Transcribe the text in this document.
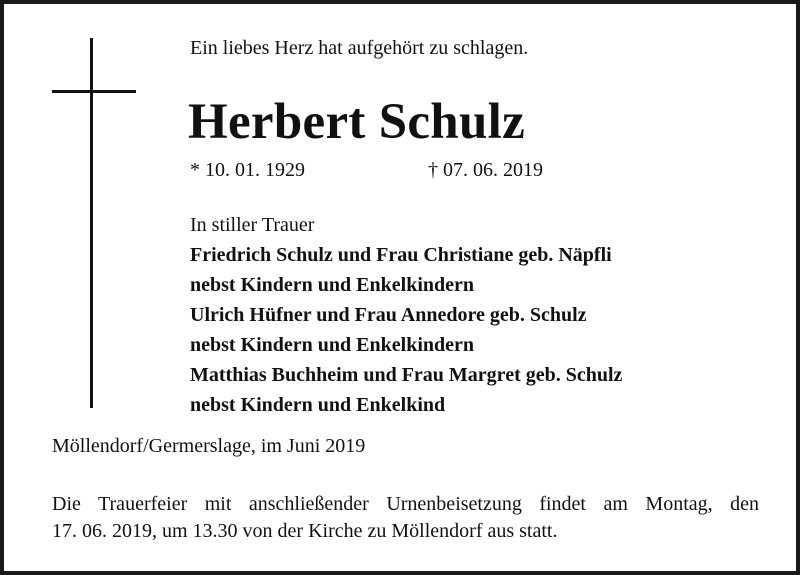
Ein liebes Herz hat aufgehört zu schlagen.
Herbert Schulz
* 10. 01. 1929	† 07. 06. 2019
In stiller Trauer
Friedrich Schulz und Frau Christiane geb. Näpfli
nebst Kindern und Enkelkindern
Ulrich Hüfner und Frau Annedore geb. Schulz
nebst Kindern und Enkelkindern
Matthias Buchheim und Frau Margret geb. Schulz
nebst Kindern und Enkelkind
Möllendorf/Germerslage, im Juni 2019
Die Trauerfeier mit anschließender Urnenbeisetzung findet am Montag, den
17. 06. 2019, um 13.30 von der Kirche zu Möllendorf aus statt.
